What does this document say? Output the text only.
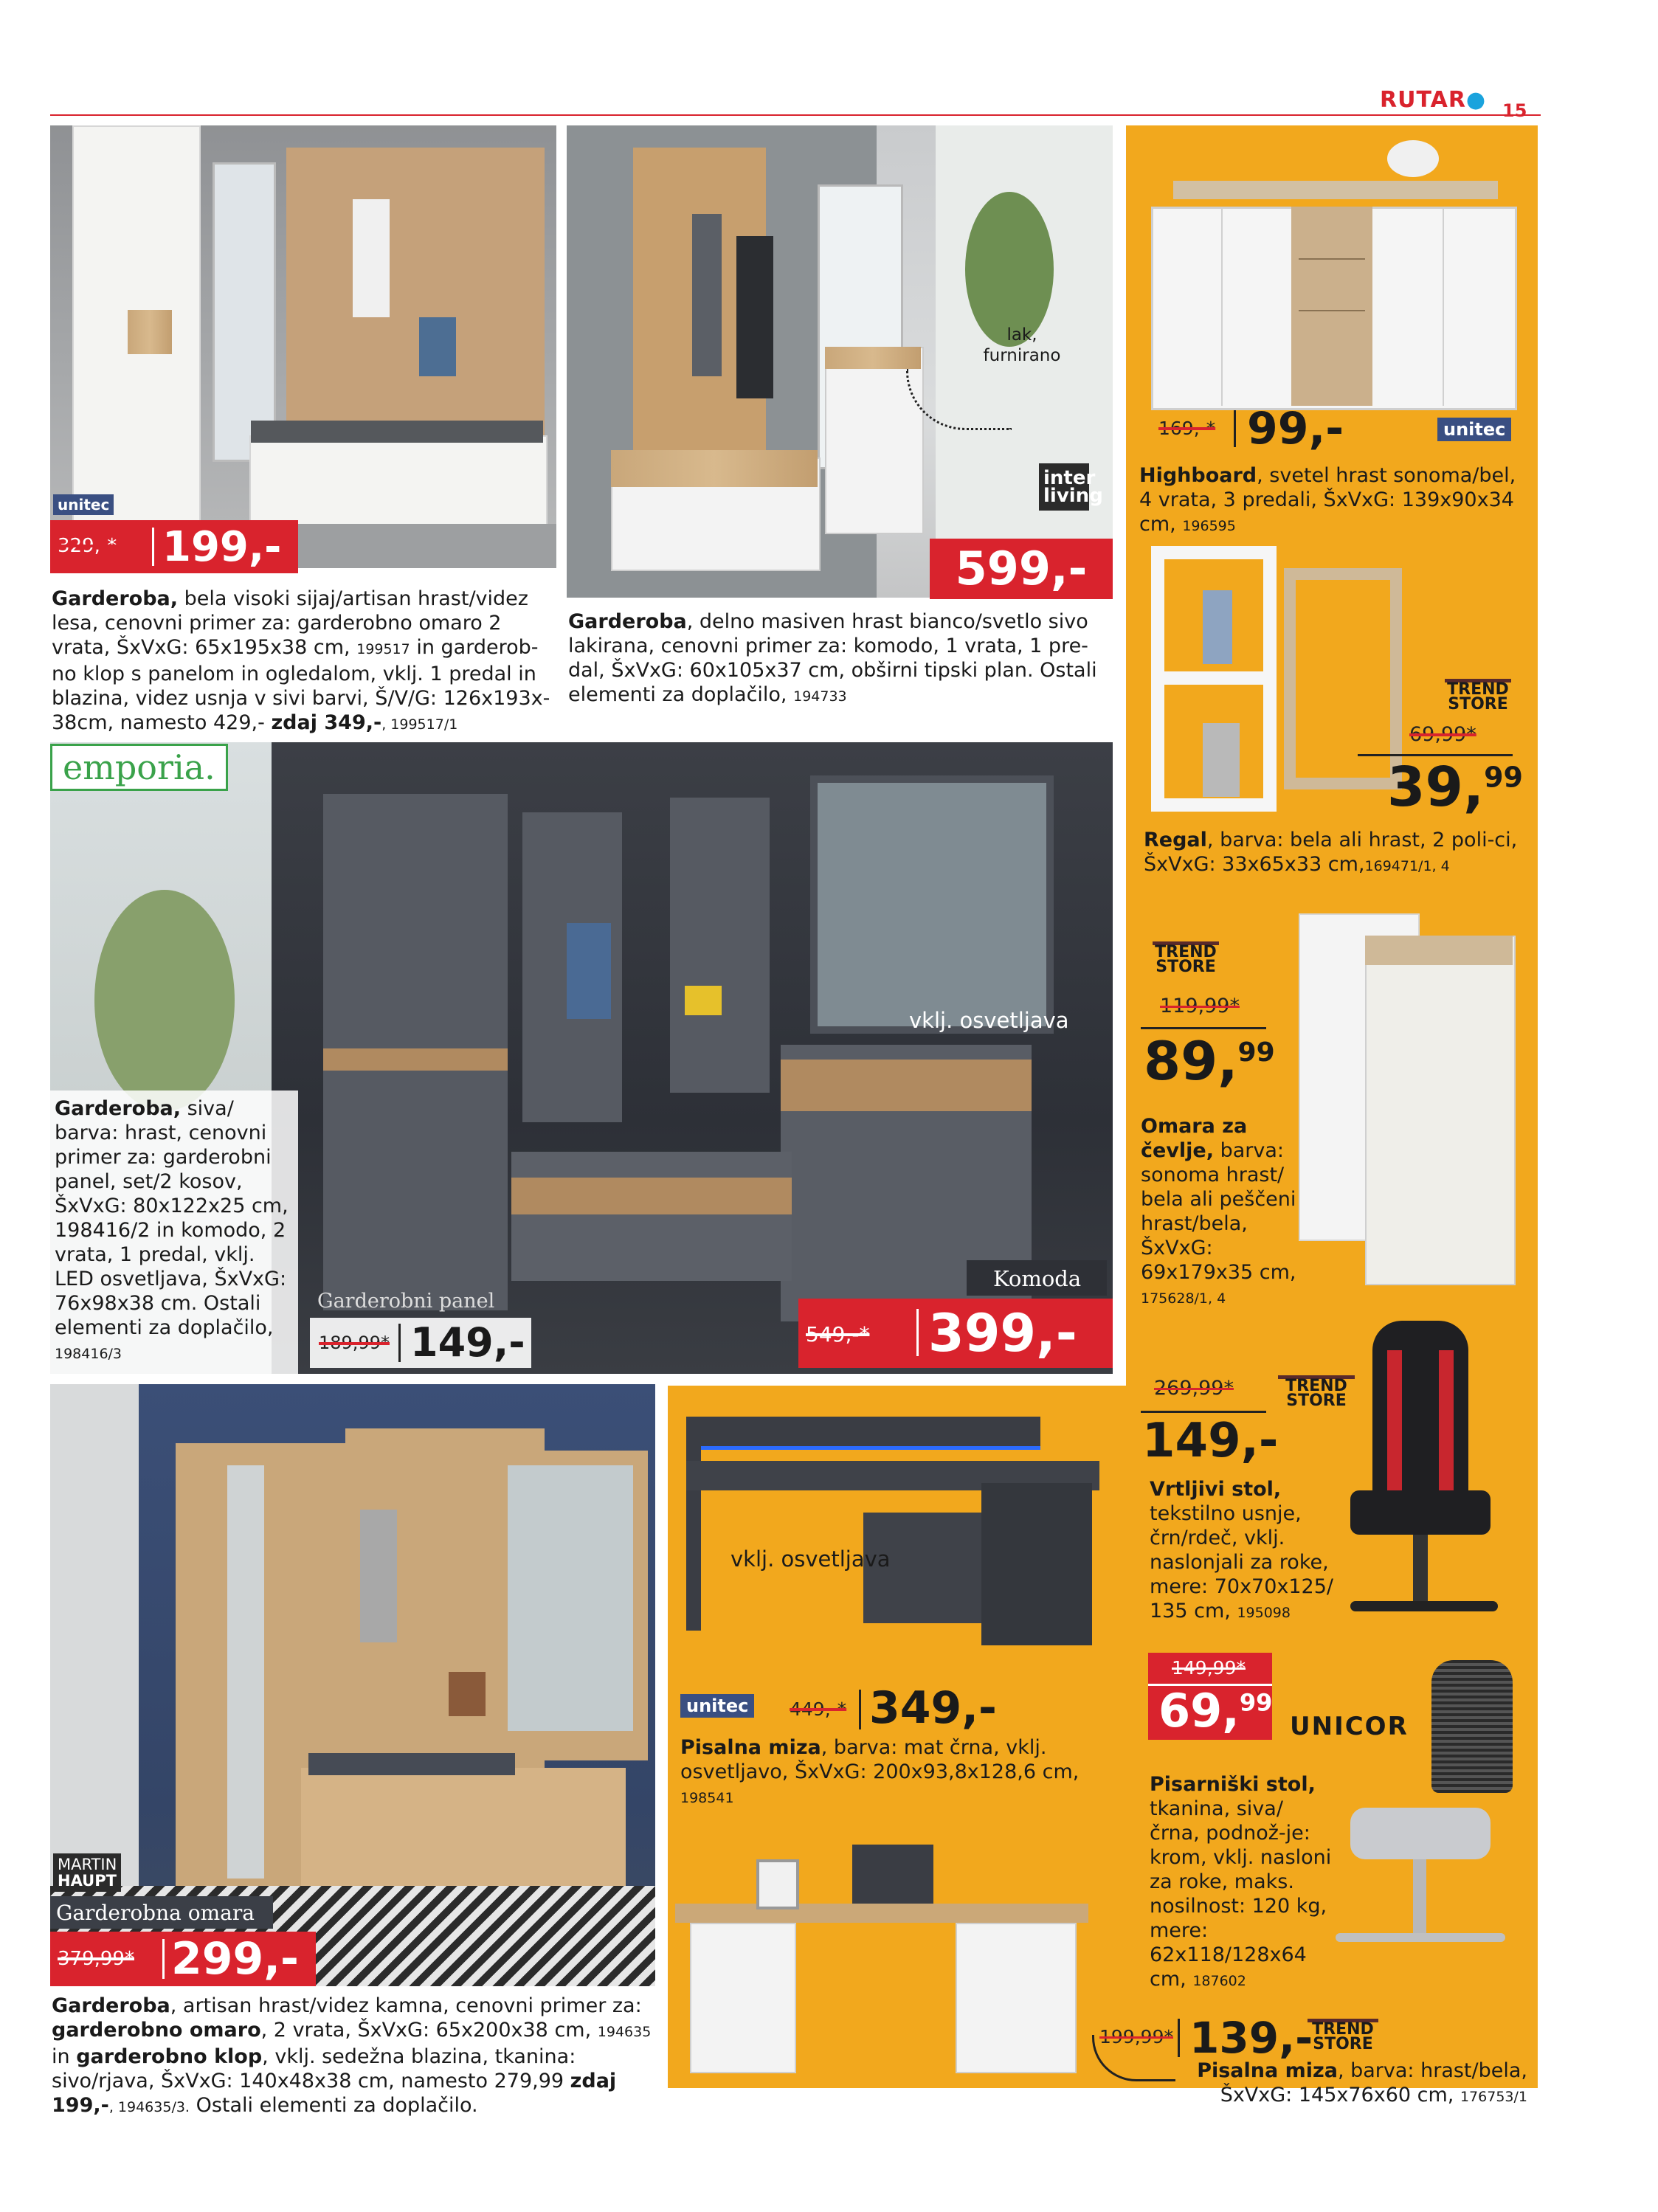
RUTAR● 15
unitec
329,-* 199,-
Garderoba, bela visoki sijaj/artisan hrast/videz lesa, cenovni primer za: garderobno omaro 2 vrata, ŠxVxG: 65x195x38 cm, 199517 in garderob-no klop s panelom in ogledalom, vklj. 1 predal in blazina, videz usnja v sivi barvi, Š/V/G: 126x193x-38cm, namesto 429,- zdaj 349,-, 199517/1
lak, furnirano
inter living
599,-
Garderoba, delno masiven hrast bianco/svetlo sivo lakirana, cenovni primer za: komodo, 1 vrata, 1 pre-dal, ŠxVxG: 60x105x37 cm, obširni tipski plan. Ostali elementi za doplačilo, 194733
169,-* 99,-	unitec
Highboard, svetel hrast sonoma/bel, 4 vrata, 3 predali, ŠxVxG: 139x90x34 cm, 196595
TREND STORE
69,99*
39,99
Regal, barva: bela ali hrast, 2 poli-ci, ŠxVxG: 33x65x33 cm,169471/1, 4
emporia.
vklj. osvetljava
Garderoba, siva/ barva: hrast, cenovni primer za: garderobni panel, set/2 kosov, ŠxVxG: 80x122x25 cm, 198416/2 in komodo, 2 vrata, 1 predal, vklj. LED osvetljava, ŠxVxG: 76x98x38 cm. Ostali elementi za doplačilo, 198416/3
Garderobni panel
189,99* 149,-
Komoda
549,-* 399,-
TREND STORE
119,99*
89,99
Omara za čevlje, barva: sonoma hrast/ bela ali peščeni hrast/bela, ŠxVxG: 69x179x35 cm, 175628/1, 4
MARTIN
HAUPT
Garderobna omara
379,99* 299,-
Garderoba, artisan hrast/videz kamna, cenovni primer za: garderobno omaro, 2 vrata, ŠxVxG: 65x200x38 cm, 194635 in garderobno klop, vklj. sedežna blazina, tkanina: sivo/rjava, ŠxVxG: 140x48x38 cm, namesto 279,99 zdaj 199,-, 194635/3. Ostali elementi za doplačilo.
vklj. osvetljava
unitec	449,-* 349,-
Pisalna miza, barva: mat črna, vklj. osvetljavo, ŠxVxG: 200x93,8x128,6 cm, 198541
269,99*	TREND STORE
149,-
Vrtljivi stol, tekstilno usnje, črn/rdeč, vklj. naslonjali za roke, mere: 70x70x125/ 135 cm, 195098
149,99*
69,99
UNICOR
Pisarniški stol, tkanina, siva/ črna, podnož-je: krom, vklj. nasloni za roke, maks. nosilnost: 120 kg, mere: 62x118/128x64 cm, 187602
199,99* 139,-
TREND STORE
Pisalna miza, barva: hrast/bela, ŠxVxG: 145x76x60 cm, 176753/1
